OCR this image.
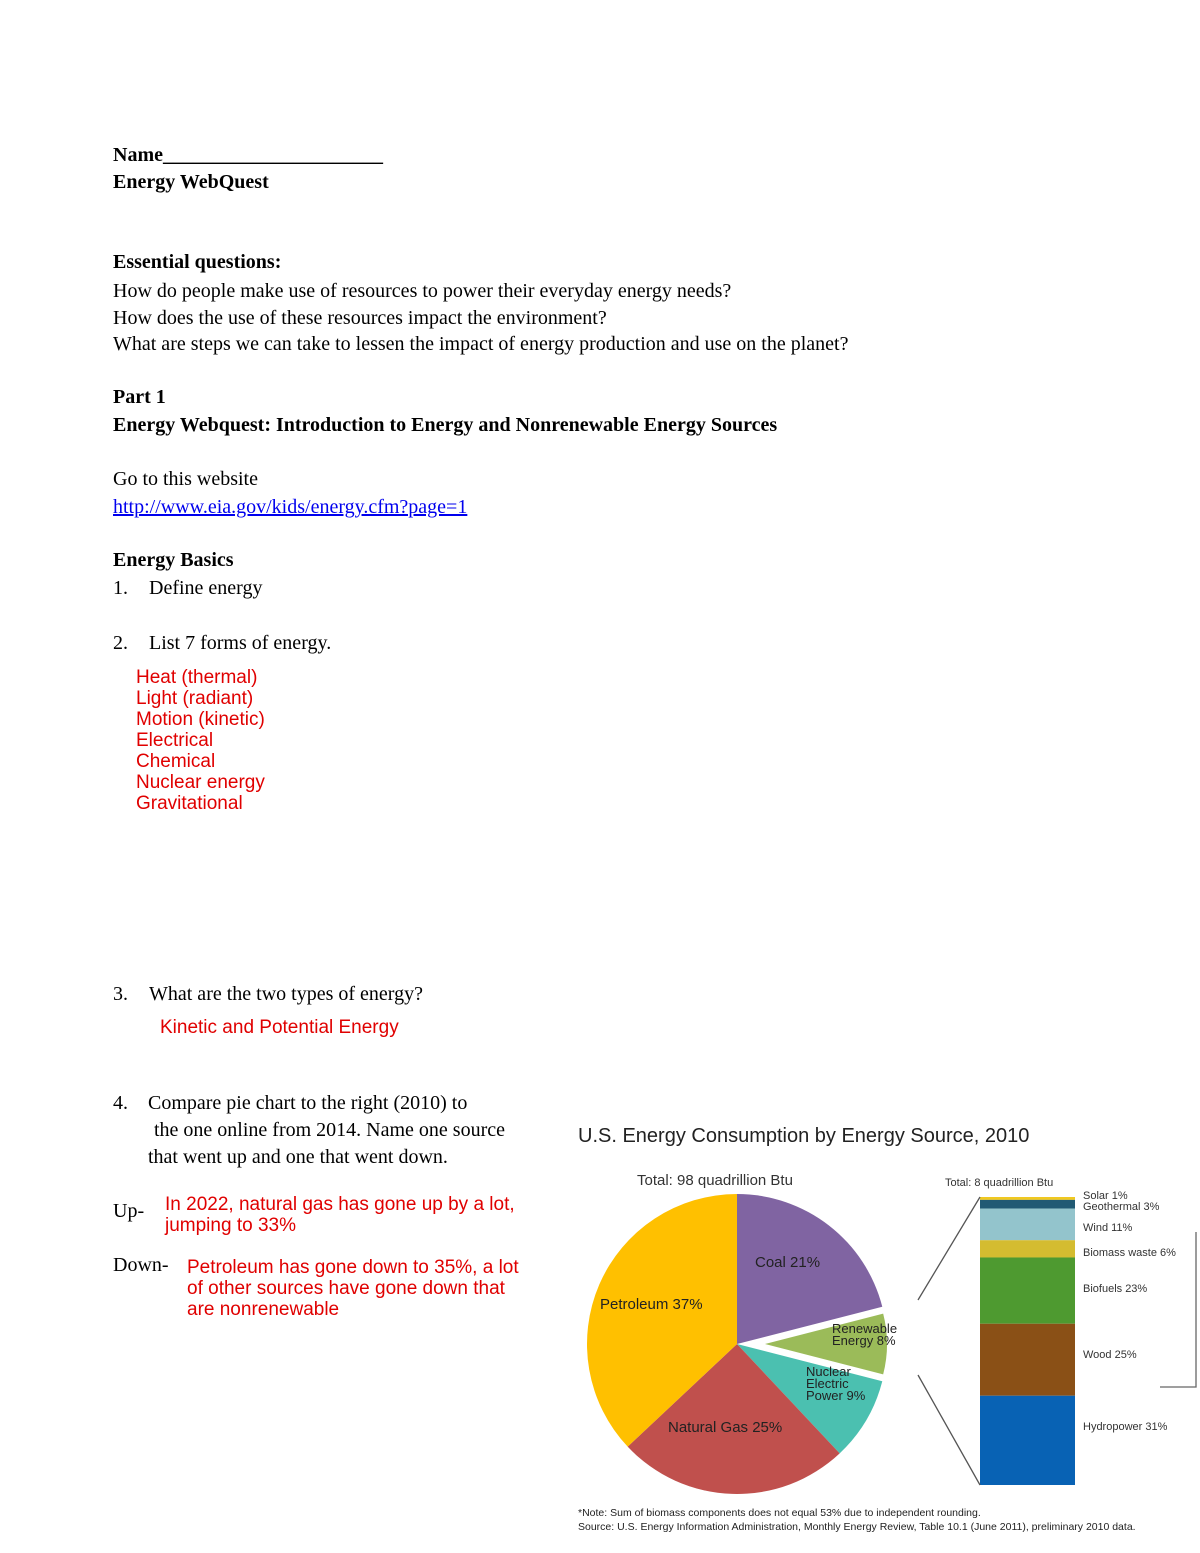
Name______________________
Energy WebQuest
Essential questions:
How do people make use of resources to power their everyday energy needs?
How does the use of these resources impact the environment?
What are steps we can take to lessen the impact of energy production and use on the planet?
Part 1
Energy Webquest: Introduction to Energy and Nonrenewable Energy Sources
Go to this website
http://www.eia.gov/kids/energy.cfm?page=1
Energy Basics
1. Define energy
2. List 7 forms of energy.
Heat (thermal)
Light (radiant)
Motion (kinetic)
Electrical
Chemical
Nuclear energy
Gravitational
3. What are the two types of energy?
Kinetic and Potential Energy
4. Compare pie chart to the right (2010) to
the one online from 2014. Name one source
that went up and one that went down.
Up- In 2022, natural gas has gone up by a lot,
jumping to 33%
Down- Petroleum has gone down to 35%, a lot
of other sources have gone down that
are nonrenewable
U.S. Energy Consumption by Energy Source, 2010
Coal 21%
Renewable
Energy 8%
Nuclear
Electric
Power 9%
Natural Gas 25%
Petroleum 37%
Solar 1%
Geothermal 3%
Wind 11%
Biomass waste 6%
Biofuels 23%
Wood 25%
Hydropower 31%
Total: 98 quadrillion Btu	Total: 8 quadrillion Btu
*Note: Sum of biomass components does not equal 53% due to independent rounding.
Source: U.S. Energy Information Administration, Monthly Energy Review, Table 10.1 (June 2011), preliminary 2010 data.
